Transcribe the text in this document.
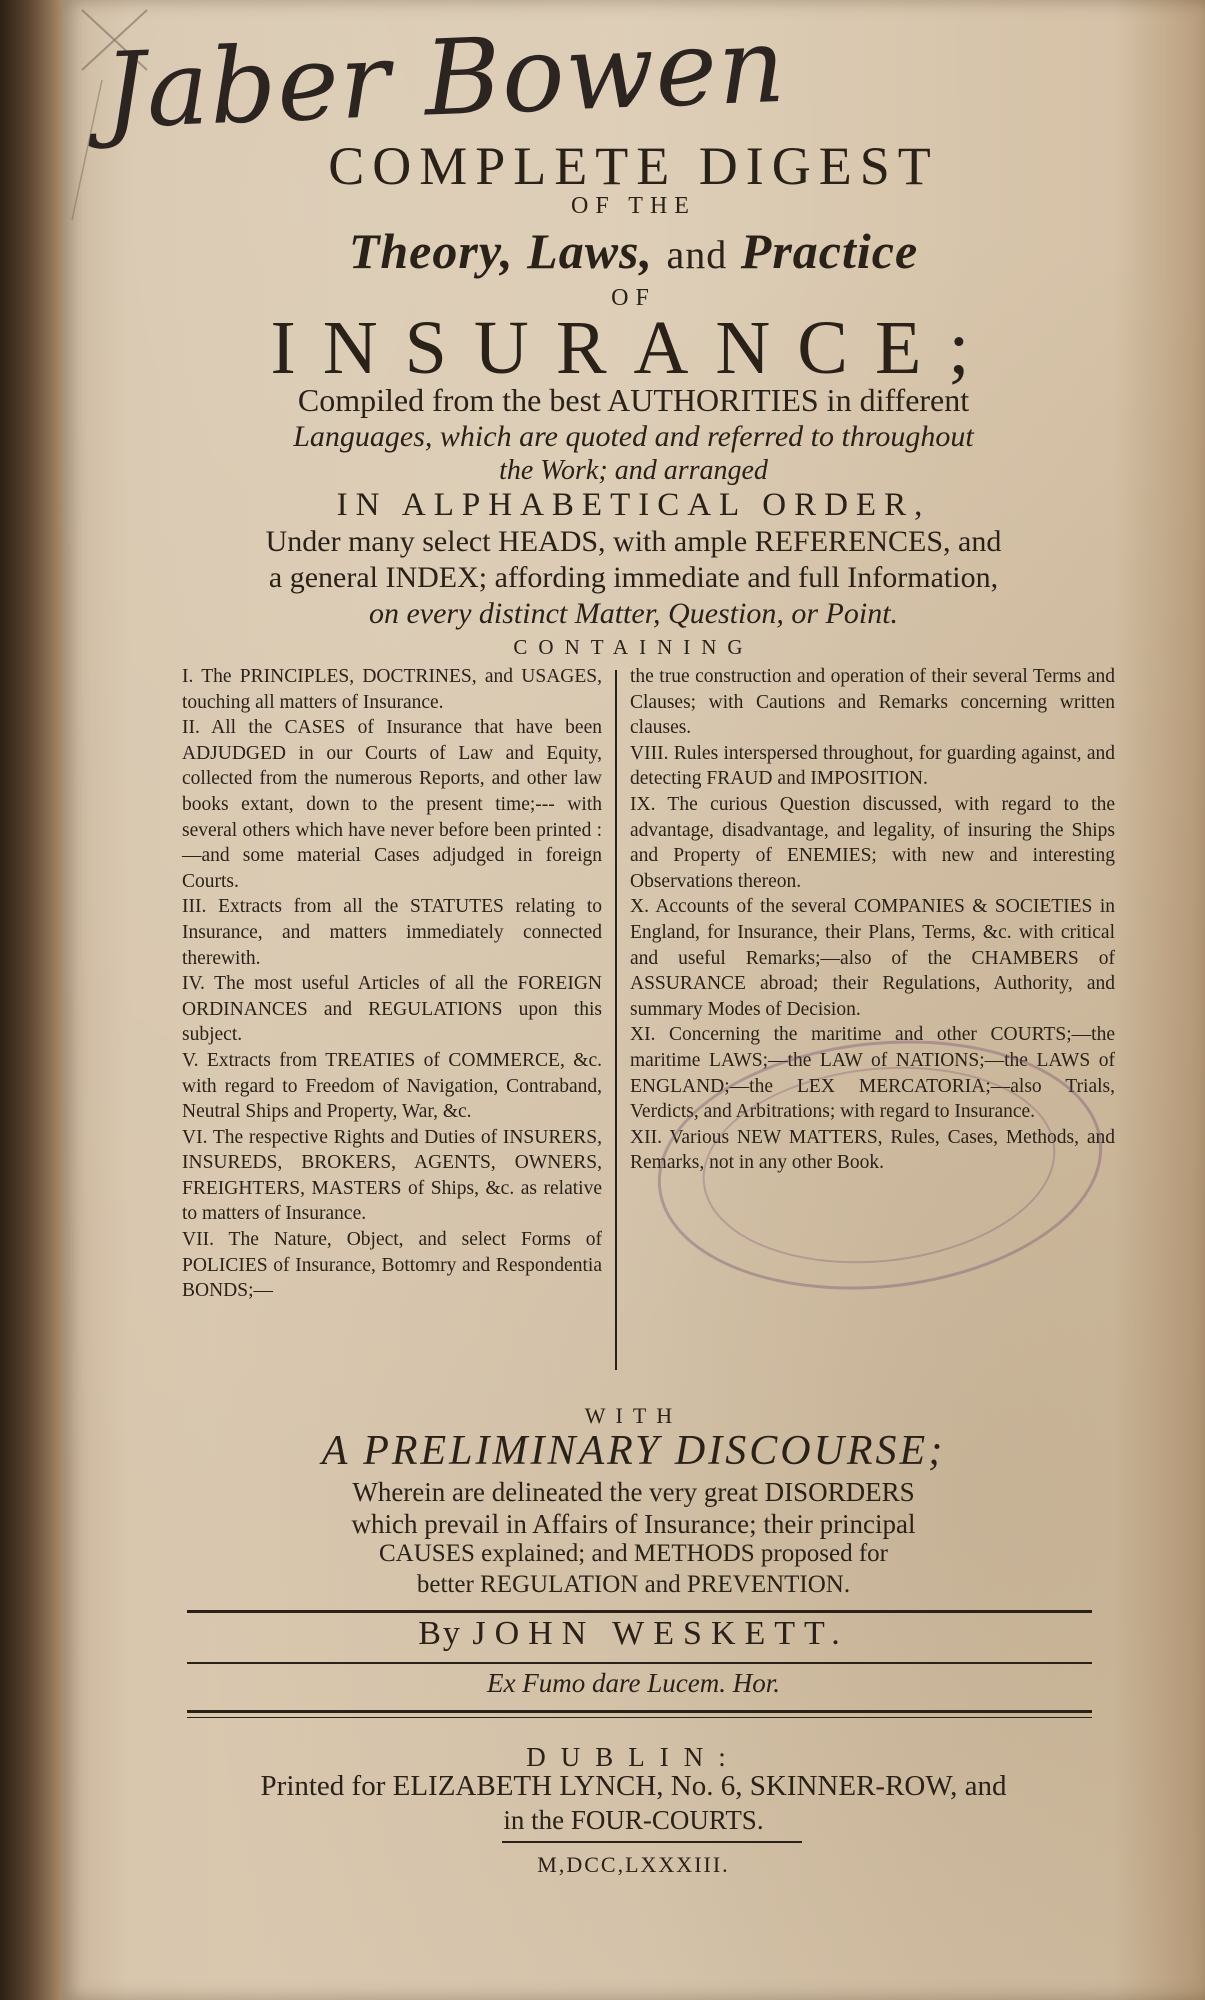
Jaber Bowen
COMPLETE DIGEST
OF THE
Theory, Laws, and Practice
OF
INSURANCE;
Compiled from the best AUTHORITIES in different
Languages, which are quoted and referred to throughout
the Work; and arranged
IN ALPHABETICAL ORDER,
Under many select HEADS, with ample REFERENCES, and
a general INDEX; affording immediate and full Information,
on every distinct Matter, Question, or Point.
CONTAINING

I. The PRINCIPLES, DOCTRINES, and USAGES, touching all matters of Insurance.

II. All the CASES of Insurance that have been ADJUDGED in our Courts of Law and Equity, collected from the numerous Reports, and other law books extant, down to the present time;--- with several others which have never before been printed :—and some material Cases adjudged in foreign Courts.

III. Extracts from all the STATUTES relating to Insurance, and matters immediately connected therewith.

IV. The most useful Articles of all the FOREIGN ORDINANCES and REGULATIONS upon this subject.

V. Extracts from TREATIES of COMMERCE, &c. with regard to Freedom of Navigation, Contraband, Neutral Ships and Property, War, &c.

VI. The respective Rights and Duties of INSURERS, INSUREDS, BROKERS, AGENTS, OWNERS, FREIGHTERS, MASTERS of Ships, &c. as relative to matters of Insurance.

VII. The Nature, Object, and select Forms of POLICIES of Insurance, Bottomry and Respondentia BONDS;—

the true construction and operation of their several Terms and Clauses; with Cautions and Remarks concerning written clauses.

VIII. Rules interspersed throughout, for guarding against, and detecting FRAUD and IMPOSITION.

IX. The curious Question discussed, with regard to the advantage, disadvantage, and legality, of insuring the Ships and Property of ENEMIES; with new and interesting Observations thereon.

X. Accounts of the several COMPANIES & SOCIETIES in England, for Insurance, their Plans, Terms, &c. with critical and useful Remarks;—also of the CHAMBERS of ASSURANCE abroad; their Regulations, Authority, and summary Modes of Decision.

XI. Concerning the maritime and other COURTS;—the maritime LAWS;—the LAW of NATIONS;—the LAWS of ENGLAND;—the LEX MERCATORIA;—also Trials, Verdicts, and Arbitrations; with regard to Insurance.

XII. Various NEW MATTERS, Rules, Cases, Methods, and Remarks, not in any other Book.

WITH
A PRELIMINARY DISCOURSE;
Wherein are delineated the very great DISORDERS
which prevail in Affairs of Insurance; their principal
CAUSES explained; and METHODS proposed for
better REGULATION and PREVENTION.
By JOHN WESKETT.
Ex Fumo dare Lucem. Hor.
DUBLIN:
Printed for ELIZABETH LYNCH, No. 6, SKINNER-ROW, and
in the FOUR-COURTS.
M,DCC,LXXXIII.
